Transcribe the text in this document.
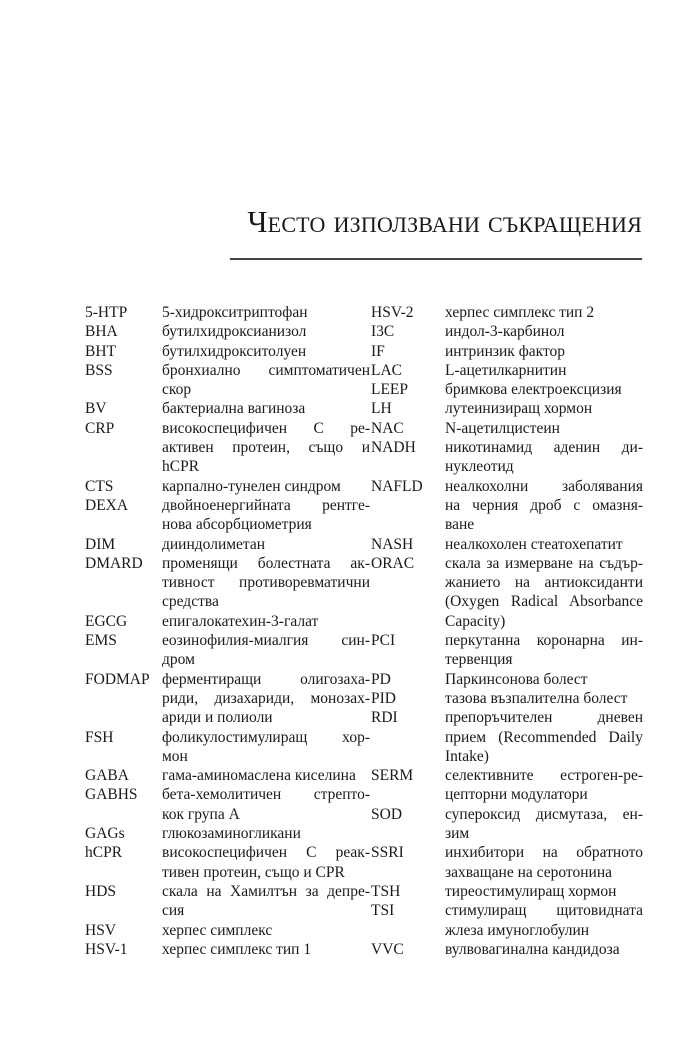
Често използвани съкращения
5-HTP	5-хидрокситриптофан
BHA	бутилхидроксианизол
BHT	бутилхидрокситолуен
BSS	бронхиално симптоматичен
скор
BV	бактериална вагиноза
CRP	високоспецифичен С ре-
активен протеин, също и
hCPR
CTS	карпално-тунелен синдром
DEXA	двойноенергийната рентге-
нова абсорбциометрия
DIM	дииндолиметан
DMARD	променящи болестната ак-
тивност противоревматични
средства
EGCG	епигалокатехин-3-галат
EMS	еозинофилия-миалгия син-
дром
FODMAP ферментиращи олигозаха-
риди, дизахариди, монозах-
ариди и полиоли
FSH	фоликулостимулиращ хор-
мон
GABA	гама-аминомаслена киселина
GABHS	бета-хемолитичен стрепто-
кок група А
GAGs	глюкозаминогликани
hCPR	високоспецифичен С реак-
тивен протеин, също и CPR
HDS	скала на Хамилтън за депре-
сия
HSV	херпес симплекс
HSV-1	херпес симплекс тип 1
HSV-2	херпес симплекс тип 2
I3C	индол-3-карбинол
IF	интринзик фактор
LAC	L-ацетилкарнитин
LEEP	бримкова електроексцизия
LH	лутеинизиращ хормон
NAC	N-ацетилцистеин
NADH	никотинамид аденин ди-
нуклеотид
NAFLD	неалкохолни заболявания
на черния дроб с омазня-
ване
NASH	неалкохолен стеатохепатит
ORAC	скала за измерване на съдър-
жанието на антиоксиданти
(Oxygen Radical Absorbance
Capacity)
PCI	перкутанна коронарна ин-
тервенция
PD	Паркинсонова болест
PID	тазова възпалителна болест
RDI	препоръчителен дневен
прием (Recommended Daily
Intake)
SERM	селективните естроген-ре-
цепторни модулатори
SOD	супероксид дисмутаза, ен-
зим
SSRI	инхибитори на обратното
захващане на серотонина
TSH	тиреостимулиращ хормон
TSI	стимулиращ щитовидната
жлеза имуноглобулин
VVC	вулвовагинална кандидоза
